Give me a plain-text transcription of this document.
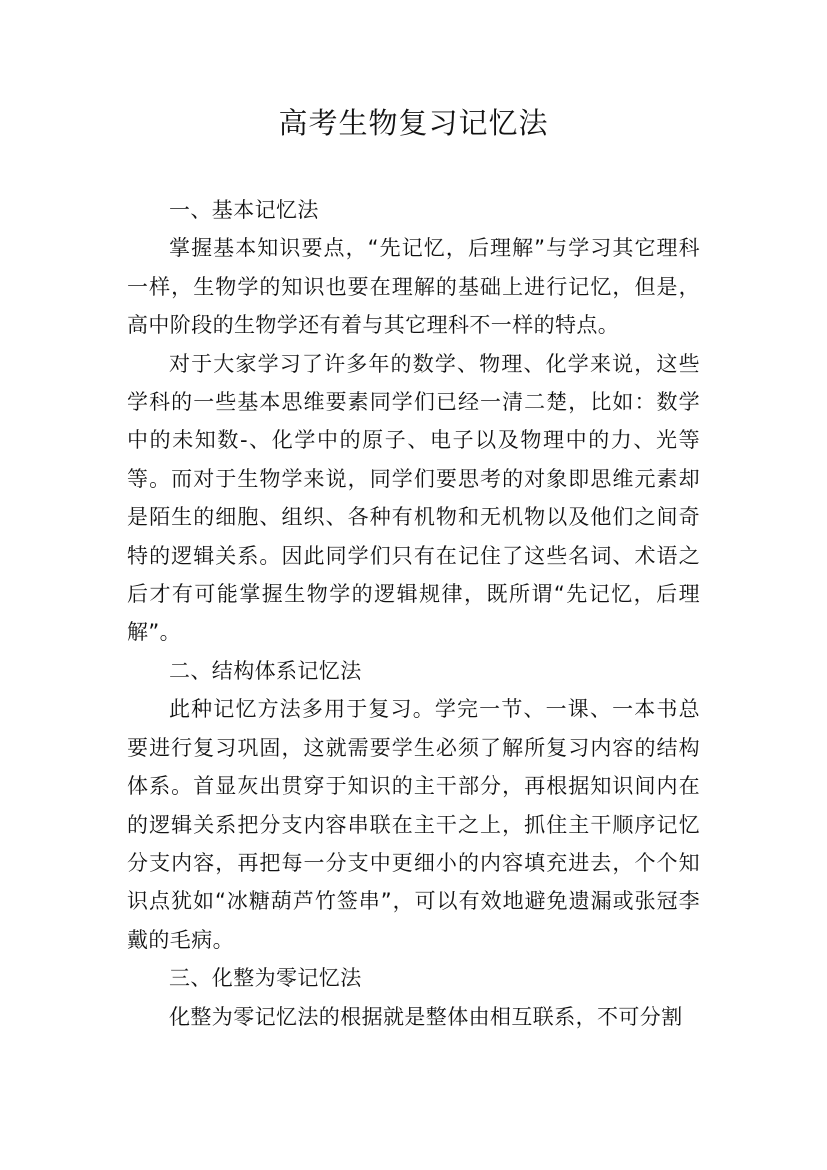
高考生物复习记忆法

一、基本记忆法

掌握基本知识要点，“先记忆，后理解”与学习其它理科一样，生物学的知识也要在理解的基础上进行记忆，但是，高中阶段的生物学还有着与其它理科不一样的特点。

对于大家学习了许多年的数学、物理、化学来说，这些学科的一些基本思维要素同学们已经一清二楚，比如：数学中的未知数-、化学中的原子、电子以及物理中的力、光等等。而对于生物学来说，同学们要思考的对象即思维元素却是陌生的细胞、组织、各种有机物和无机物以及他们之间奇特的逻辑关系。因此同学们只有在记住了这些名词、术语之后才有可能掌握生物学的逻辑规律，既所谓“先记忆，后理解”。

二、结构体系记忆法

此种记忆方法多用于复习。学完一节、一课、一本书总要进行复习巩固，这就需要学生必须了解所复习内容的结构体系。首显灰出贯穿于知识的主干部分，再根据知识间内在的逻辑关系把分支内容串联在主干之上，抓住主干顺序记忆分支内容，再把每一分支中更细小的内容填充进去，个个知识点犹如“冰糖葫芦竹签串”，可以有效地避免遗漏或张冠李戴的毛病。

三、化整为零记忆法

化整为零记忆法的根据就是整体由相互联系，不可分割
